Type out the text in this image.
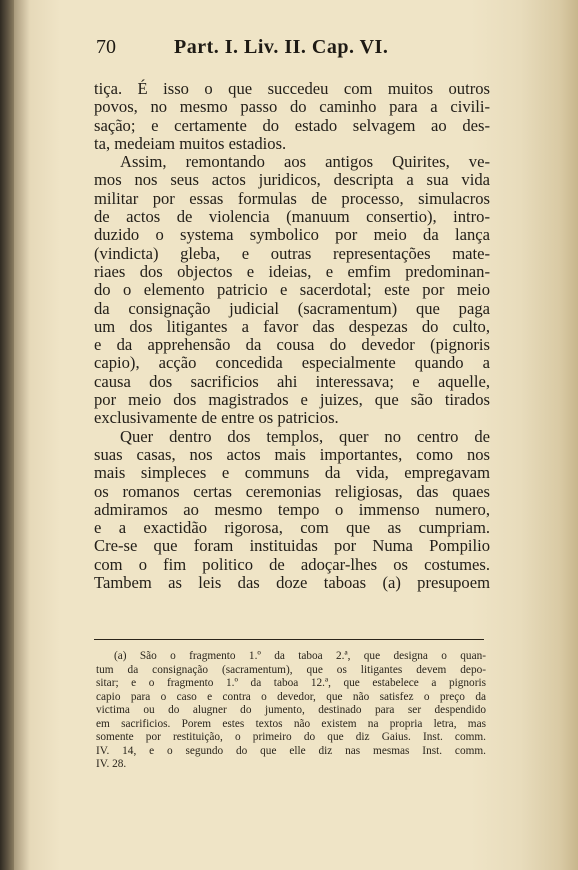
70	Part. I. Liv. II. Cap. VI.
tiça. É isso o que succedeu com muitos outros
povos, no mesmo passo do caminho para a civili-
sação; e certamente do estado selvagem ao des-
ta, medeiam muitos estadios.
Assim, remontando aos antigos Quirites, ve-
mos nos seus actos juridicos, descripta a sua vida
militar por essas formulas de processo, simulacros
de actos de violencia (manuum consertio), intro-
duzido o systema symbolico por meio da lança
(vindicta) gleba, e outras representações mate-
riaes dos objectos e ideias, e emfim predominan-
do o elemento patricio e sacerdotal; este por meio
da consignação judicial (sacramentum) que paga
um dos litigantes a favor das despezas do culto,
e da apprehensão da cousa do devedor (pignoris
capio), acção concedida especialmente quando a
causa dos sacrificios ahi interessava; e aquelle,
por meio dos magistrados e juizes, que são tirados
exclusivamente de entre os patricios.
Quer dentro dos templos, quer no centro de
suas casas, nos actos mais importantes, como nos
mais simpleces e communs da vida, empregavam
os romanos certas ceremonias religiosas, das quaes
admiramos ao mesmo tempo o immenso numero,
e a exactidão rigorosa, com que as cumpriam.
Cre-se que foram instituidas por Numa Pompilio
com o fim politico de adoçar-lhes os costumes.
Tambem as leis das doze taboas (a) presupoem
(a) São o fragmento 1.º da taboa 2.ª, que designa o quan-
tum da consignação (sacramentum), que os litigantes devem depo-
sitar; e o fragmento 1.º da taboa 12.ª, que estabelece a pignoris
capio para o caso e contra o devedor, que não satisfez o preço da
victima ou do alugner do jumento, destinado para ser despendido
em sacrificios. Porem estes textos não existem na propria letra, mas
somente por restituição, o primeiro do que diz Gaius. Inst. comm.
IV. 14, e o segundo do que elle diz nas mesmas Inst. comm.
IV. 28.
